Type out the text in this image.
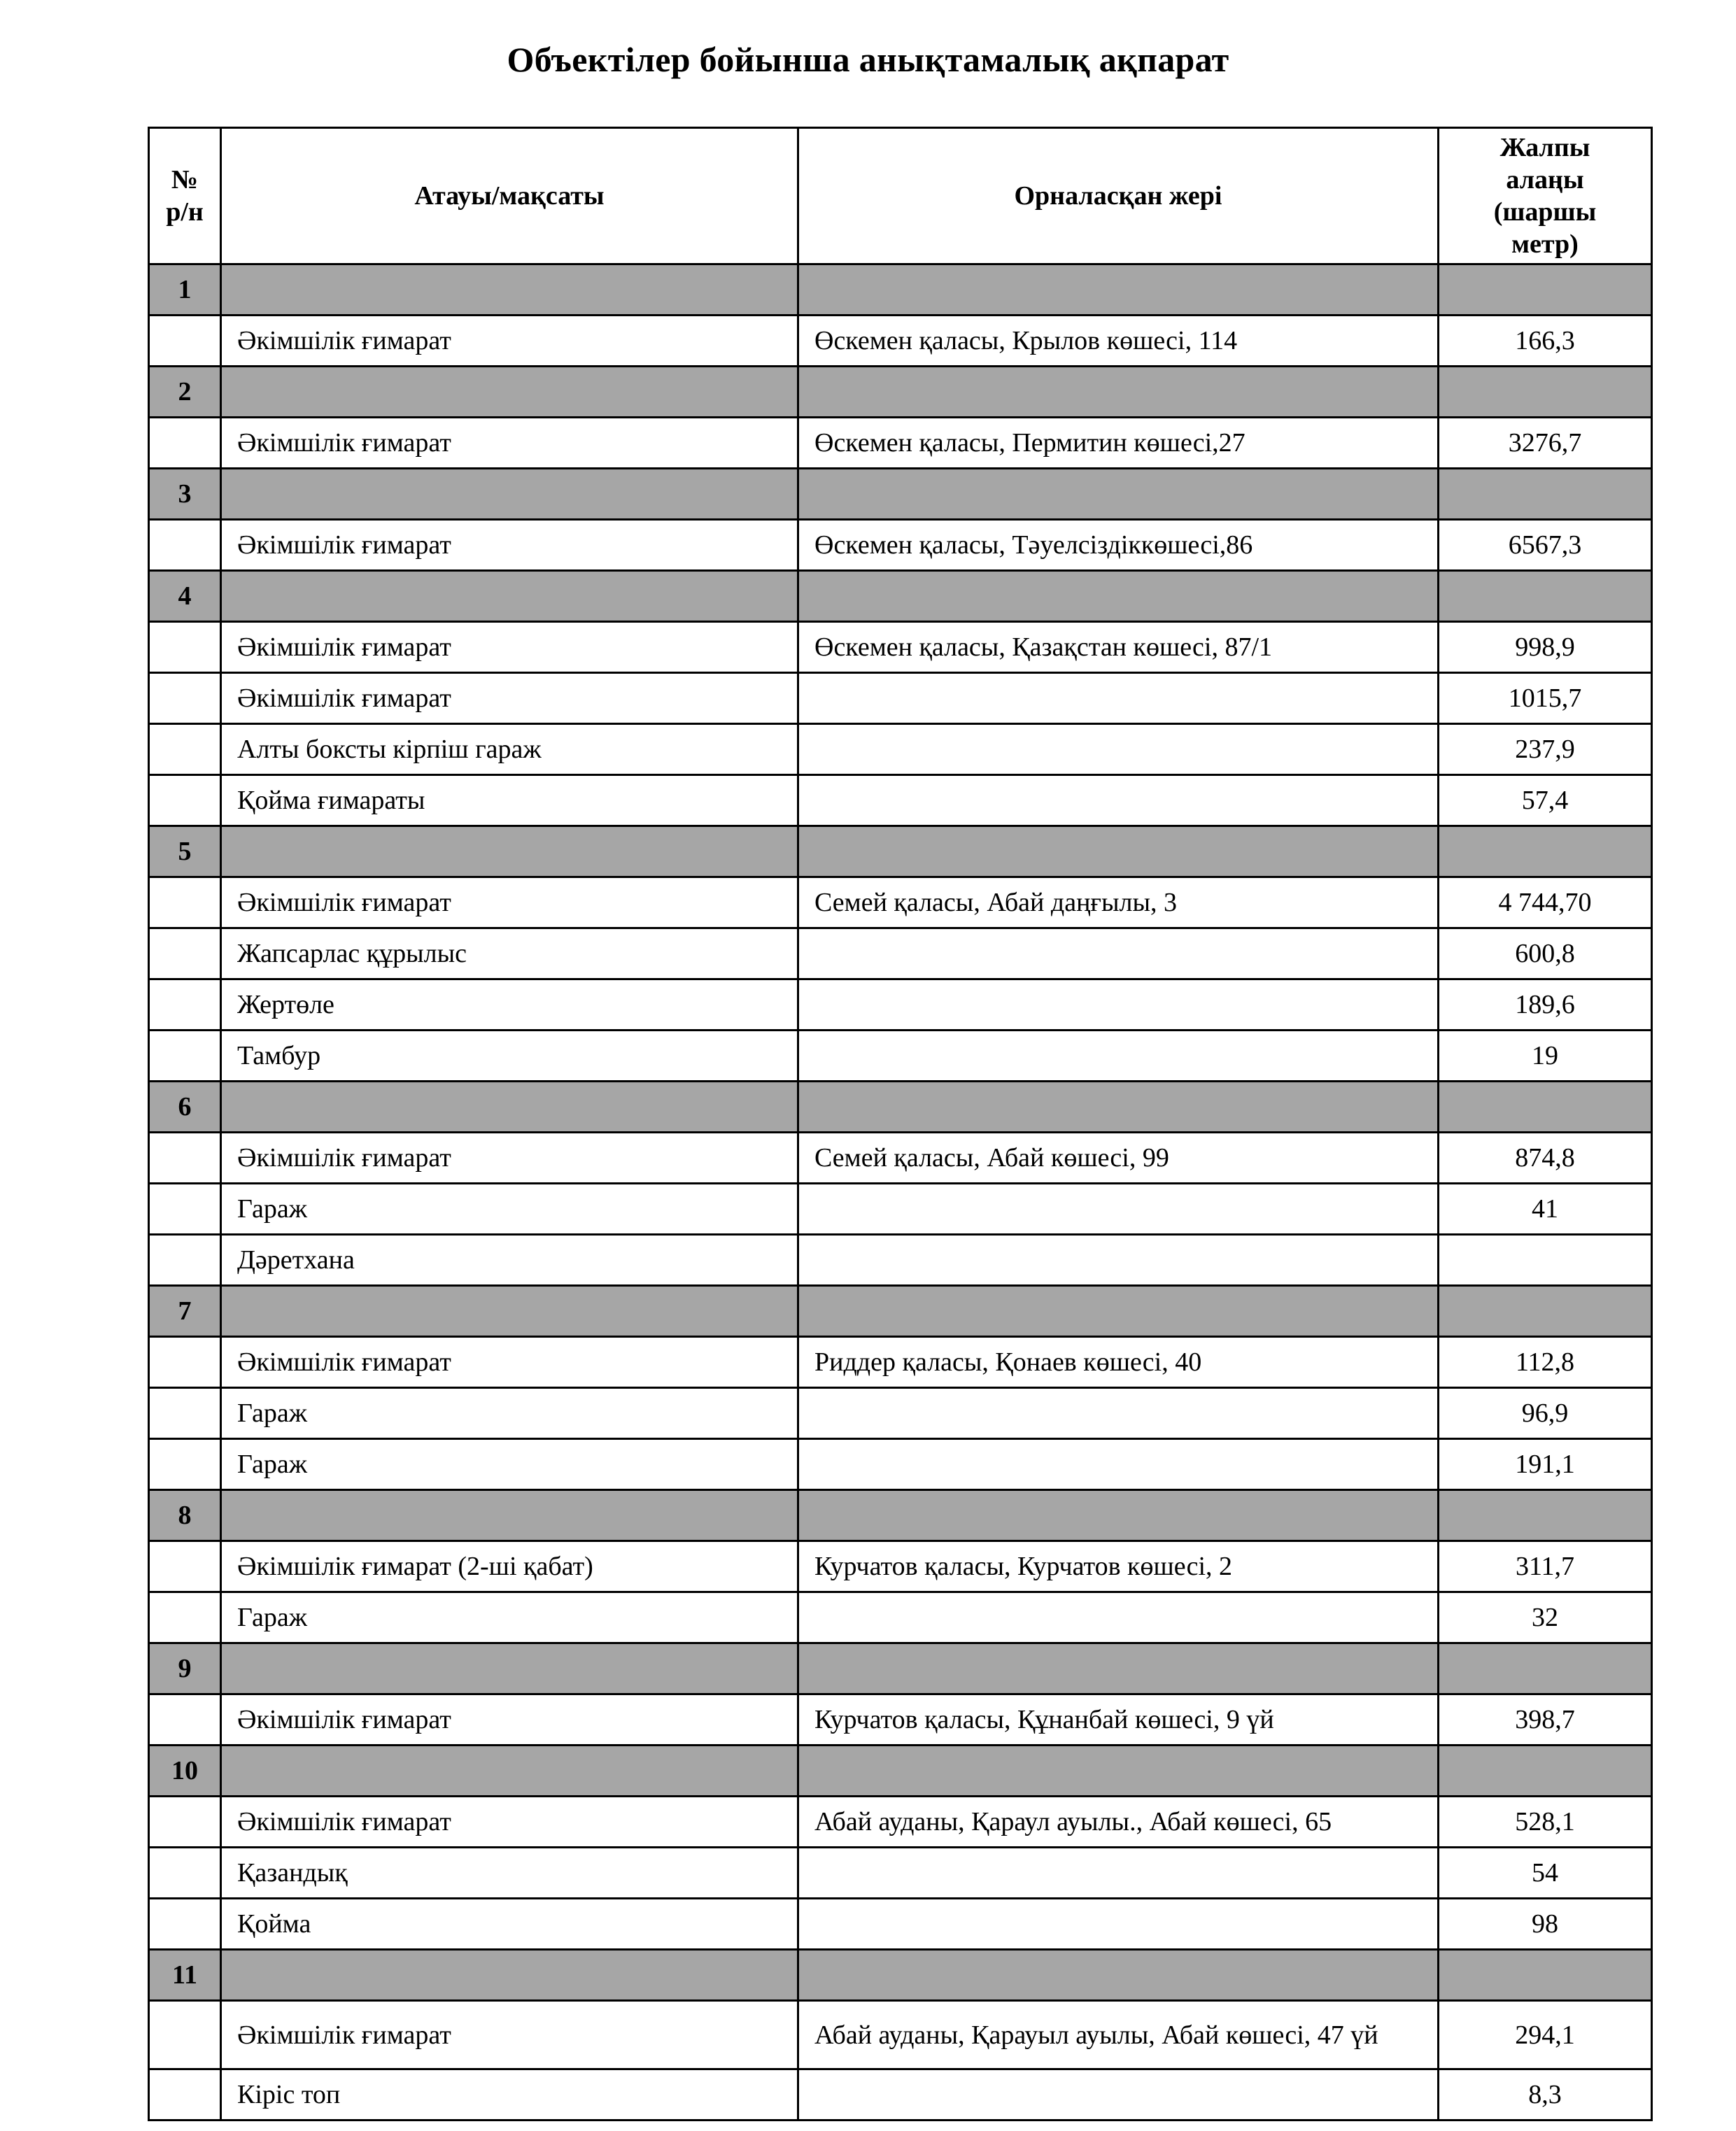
Объектілер бойынша анықтамалық ақпарат
№ р/н	Атауы/мақсаты	Орналасқан жері	Жалпы алаңы (шаршы метр)
1			
	Әкімшілік ғимарат	Өскемен қаласы, Крылов көшесі, 114	166,3
2			
	Әкімшілік ғимарат	Өскемен қаласы, Пермитин көшесі,27	3276,7
3			
	Әкімшілік ғимарат	Өскемен қаласы, Тәуелсіздіккөшесі,86	6567,3
4			
	Әкімшілік ғимарат	Өскемен қаласы, Қазақстан көшесі, 87/1	998,9
	Әкімшілік ғимарат		1015,7
	Алты боксты кірпіш гараж		237,9
	Қойма ғимараты		57,4
5			
	Әкімшілік ғимарат	Семей қаласы, Абай даңғылы, 3	4 744,70
	Жапсарлас құрылыс		600,8
	Жертөле		189,6
	Тамбур		19
6			
	Әкімшілік ғимарат	Семей қаласы, Абай көшесі, 99	874,8
	Гараж		41
	Дәретхана		
7			
	Әкімшілік ғимарат	Риддер қаласы, Қонаев көшесі, 40	112,8
	Гараж		96,9
	Гараж		191,1
8			
	Әкімшілік ғимарат (2-ші қабат)	Курчатов қаласы, Курчатов көшесі, 2	311,7
	Гараж		32
9			
	Әкімшілік ғимарат	Курчатов қаласы, Құнанбай көшесі, 9 үй	398,7
10			
	Әкімшілік ғимарат	Абай ауданы, Қараул ауылы., Абай көшесі, 65	528,1
	Қазандық		54
	Қойма		98
11			
	Әкімшілік ғимарат	Абай ауданы, Қарауыл ауылы, Абай көшесі, 47 үй	294,1
	Кіріс топ		8,3
